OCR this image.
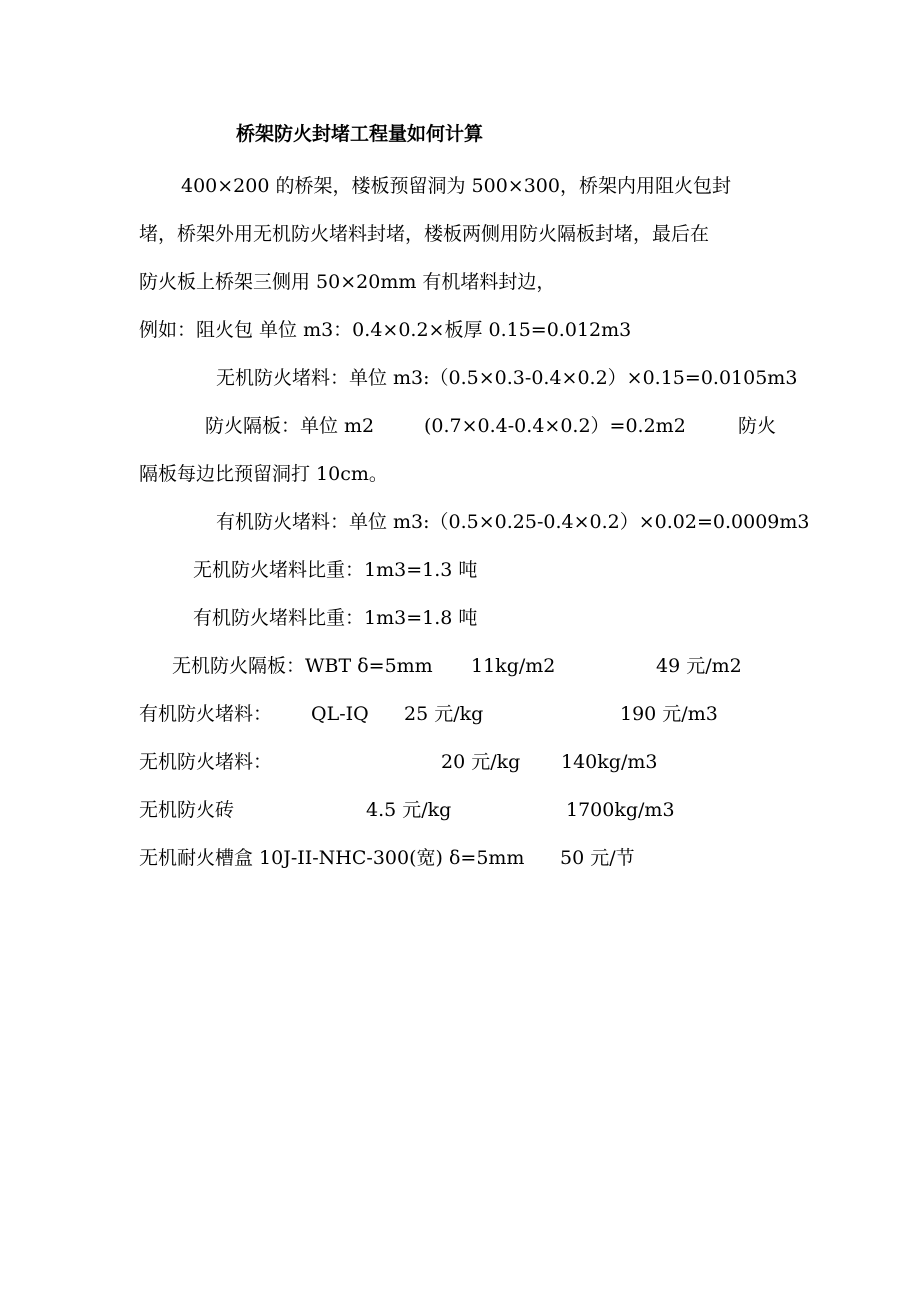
桥架防火封堵工程量如何计算
400×200 的桥架，楼板预留洞为 500×300，桥架内用阻火包封
堵，桥架外用无机防火堵料封堵，楼板两侧用防火隔板封堵，最后在
防火板上桥架三侧用 50×20mm 有机堵料封边，
例如：阻火包 单位 m3：0.4×0.2×板厚 0.15=0.012m3
无机防火堵料：单位 m3:（0.5×0.3-0.4×0.2）×0.15=0.0105m3
防火隔板：单位 m2	(0.7×0.4-0.4×0.2）=0.2m2	防火
隔板每边比预留洞打 10cm。
有机防火堵料：单位 m3:（0.5×0.25-0.4×0.2）×0.02=0.0009m3
无机防火堵料比重：1m3=1.3 吨
有机防火堵料比重：1m3=1.8 吨
无机防火隔板：WBT δ=5mm 11kg/m2	49 元/m2
有机防火堵料： QL-IQ 25 元/kg	190 元/m3
无机防火堵料：	20 元/kg 140kg/m3
无机防火砖	4.5 元/kg	1700kg/m3
无机耐火槽盒 10J-II-NHC-300(宽) δ=5mm 50 元/节
